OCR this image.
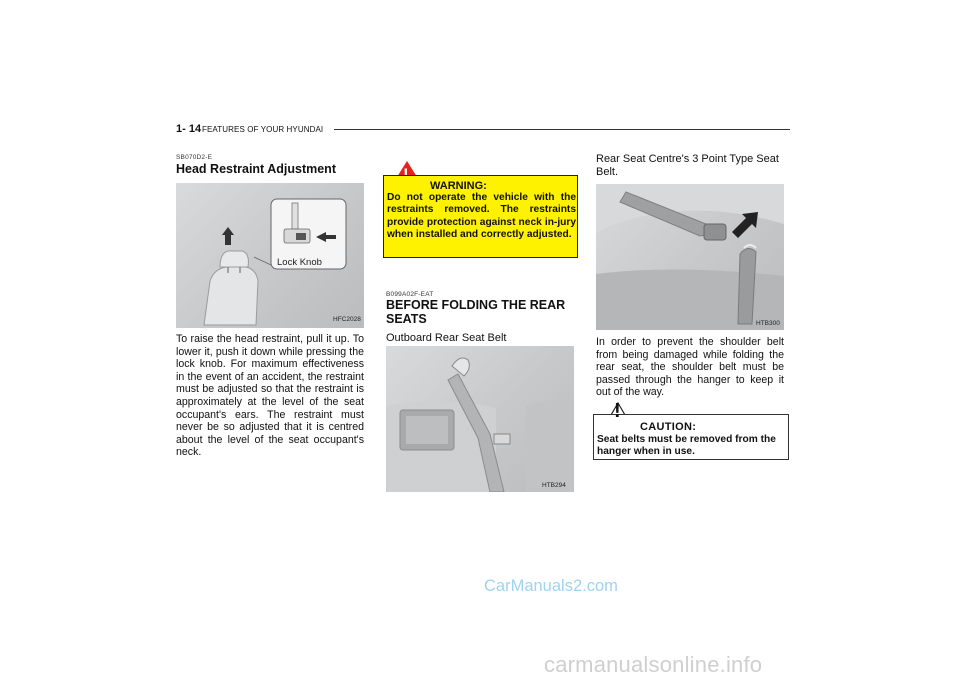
1- 14 FEATURES OF YOUR HYUNDAI
SB070D2-E
Head Restraint Adjustment
Lock Knob
HFC2028
To raise the head restraint, pull it up. To lower it, push it down while pressing the lock knob. For maximum effectiveness in the event of an accident, the restraint must be adjusted so that the restraint is approximately at the level of the seat occupant's ears. The restraint must never be so adjusted that it is centred about the level of the seat occupant's neck.
WARNING:
Do not operate the vehicle with the restraints removed. The restraints provide protection against neck in-jury when installed and correctly adjusted.
B099A02F-EAT
BEFORE FOLDING THE REAR
SEATS
Outboard Rear Seat Belt
HTB294
Rear Seat Centre's 3 Point Type Seat Belt.
HTB300
In order to prevent the shoulder belt from being damaged while folding the rear seat, the shoulder belt must be passed through the hanger to keep it out of the way.
CAUTION:
Seat belts must be removed from the hanger when in use.
!
CarManuals2.com
carmanualsonline.info
